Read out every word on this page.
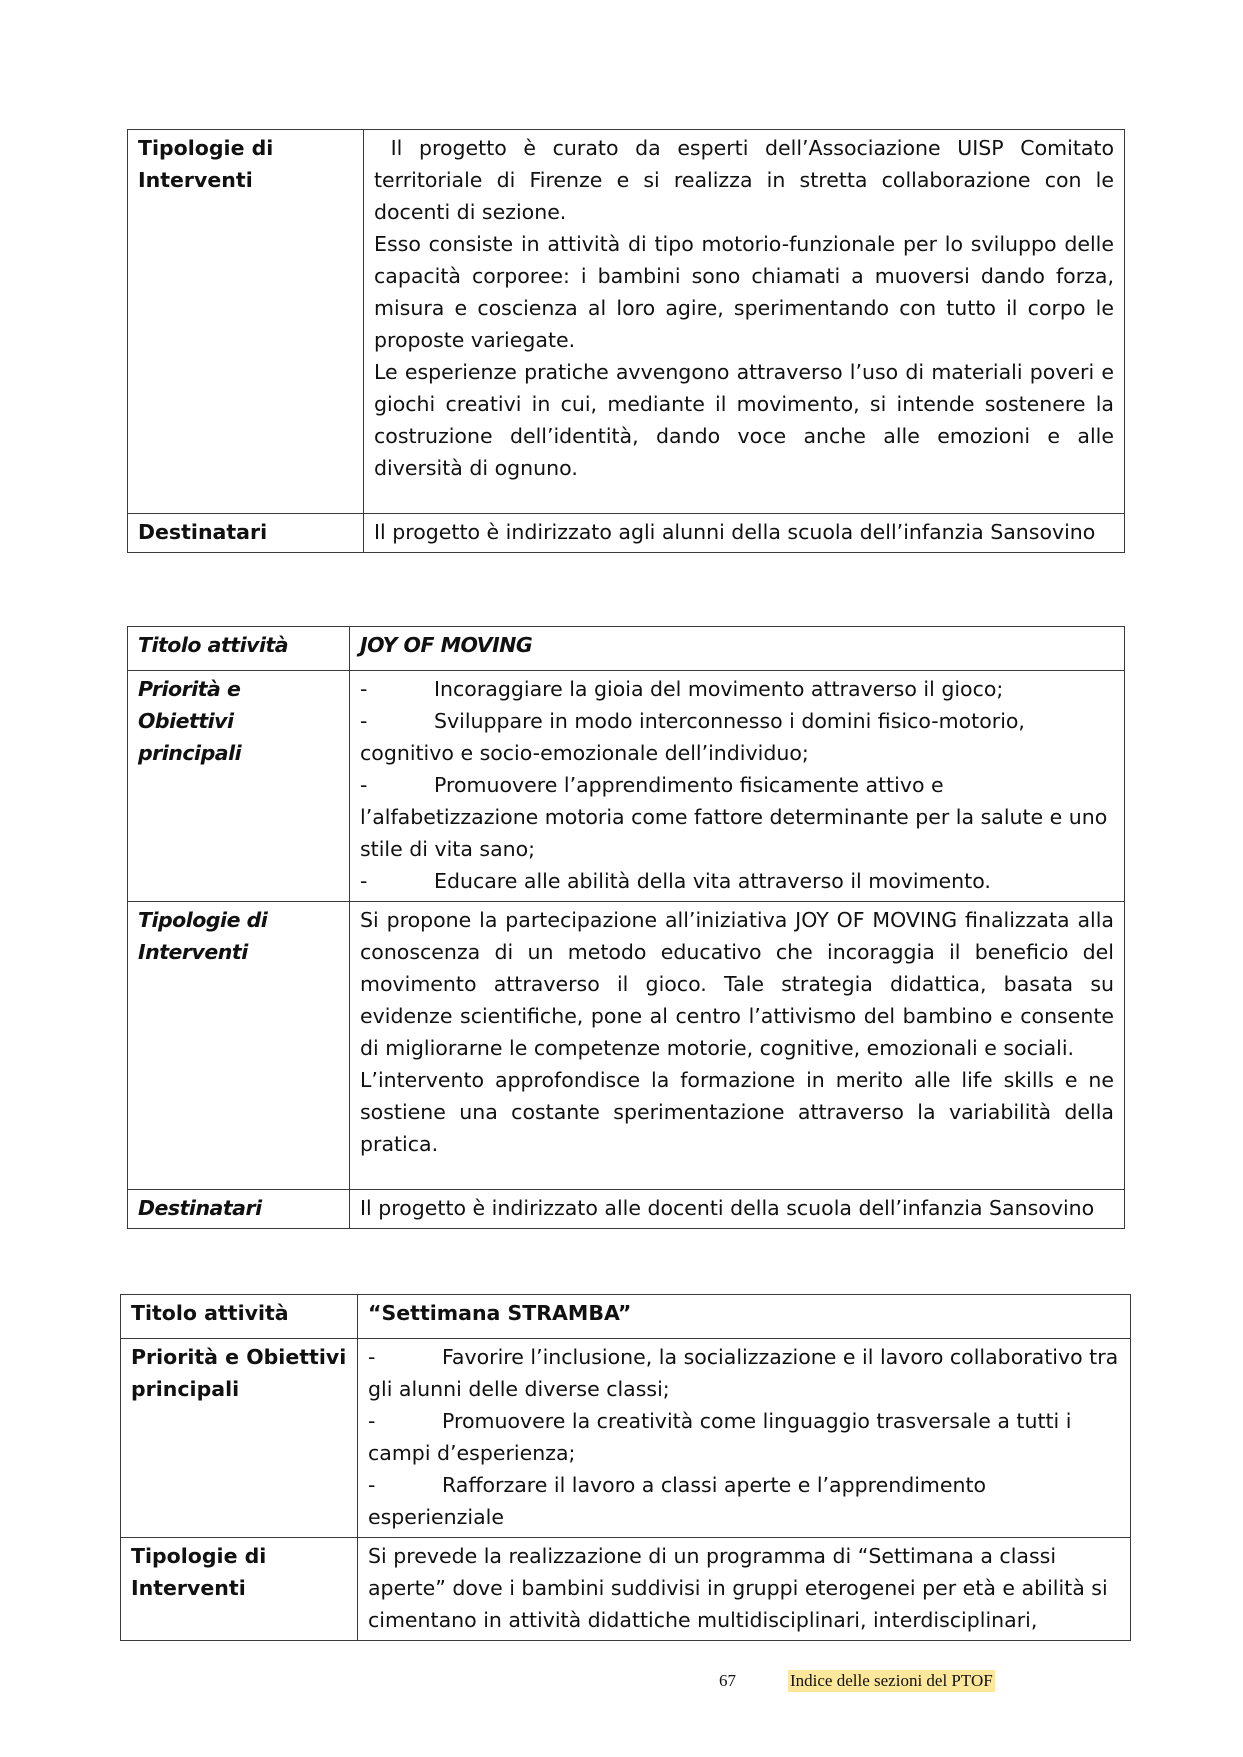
Tipologie di Interventi	Il progetto è curato da esperti dell’Associazione UISP Comitato territoriale di Firenze e si realizza in stretta collaborazione con le docenti di sezione.
Esso consiste in attività di tipo motorio-funzionale per lo sviluppo delle capacità corporee: i bambini sono chiamati a muoversi dando forza, misura e coscienza al loro agire, sperimentando con tutto il corpo le proposte variegate.
Le esperienze pratiche avvengono attraverso l’uso di materiali poveri e giochi creativi in cui, mediante il movimento, si intende sostenere la costruzione dell’identità, dando voce anche alle emozioni e alle diversità di ognuno.

Destinatari	Il progetto è indirizzato agli alunni della scuola dell’infanzia Sansovino
Titolo attività	JOY OF MOVING
Priorità e Obiettivi principali	- Incoraggiare la gioia del movimento attraverso il gioco;
- Sviluppare in modo interconnesso i domini fisico-motorio, cognitivo e socio-emozionale dell’individuo;
- Promuovere l’apprendimento fisicamente attivo e l’alfabetizzazione motoria come fattore determinante per la salute e uno stile di vita sano;
- Educare alle abilità della vita attraverso il movimento.

Tipologie di Interventi	Si propone la partecipazione all’iniziativa JOY OF MOVING finalizzata alla conoscenza di un metodo educativo che incoraggia il beneficio del movimento attraverso il gioco. Tale strategia didattica, basata su evidenze scientifiche, pone al centro l’attivismo del bambino e consente di migliorarne le competenze motorie, cognitive, emozionali e sociali.
L’intervento approfondisce la formazione in merito alle life skills e ne sostiene una costante sperimentazione attraverso la variabilità della pratica.

Destinatari	Il progetto è indirizzato alle docenti della scuola dell’infanzia Sansovino
Titolo attività	“Settimana STRAMBA”
Priorità e Obiettivi principali	- Favorire l’inclusione, la socializzazione e il lavoro collaborativo tra gli alunni delle diverse classi;
- Promuovere la creatività come linguaggio trasversale a tutti i campi d’esperienza;
- Rafforzare il lavoro a classi aperte e l’apprendimento esperienziale

Tipologie di Interventi	Si prevede la realizzazione di un programma di “Settimana a classi aperte” dove i bambini suddivisi in gruppi eterogenei per età e abilità si cimentano in attività didattiche multidisciplinari, interdisciplinari,
67	Indice delle sezioni del PTOF
